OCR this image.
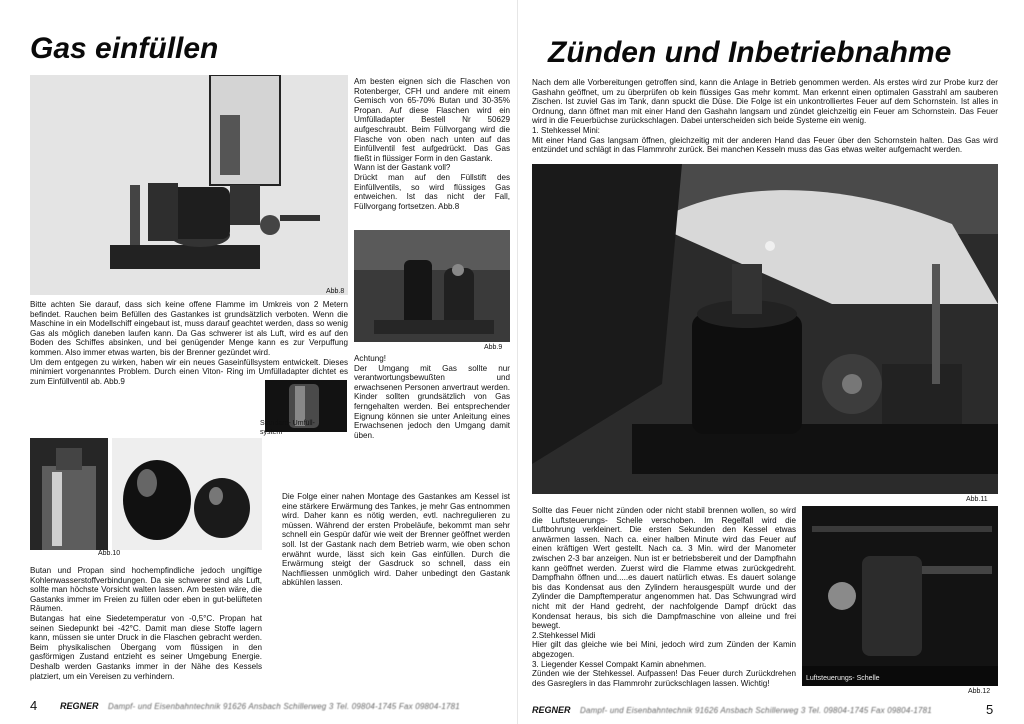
Gas einfüllen
Abb.8
Am besten eignen sich die Flaschen von Rotenberger, CFH und andere mit einem Gemisch von 65-70% Butan und 30-35% Propan. Auf diese Flaschen wird ein Umfülladapter Bestell Nr 50629 aufgeschraubt. Beim Füllvorgang wird die Flasche von oben nach unten auf das Einfüllventil fest aufgedrückt. Das Gas fließt in flüssiger Form in den Gastank.
Wann ist der Gastank voll?
Drückt man auf den Füllstift des Einfüllventils, so wird flüssiges Gas entweichen. Ist das nicht der Fall, Füllvorgang fortsetzen. Abb.8
Abb.9
Bitte achten Sie darauf, dass sich keine offene Flamme im Umkreis von 2 Metern befindet. Rauchen beim Befüllen des Gastankes ist grundsätzlich verboten. Wenn die Maschine in ein Modellschiff eingebaut ist, muss darauf geachtet werden, dass so wenig Gas als möglich daneben laufen kann. Da Gas schwerer ist als Luft, wird es auf den Boden des Schiffes absinken, und bei genügender Menge kann es zur Verpuffung kommen. Also immer etwas warten, bis der Brenner gezündet wird.
Um dem entgegen zu wirken, haben wir ein neues Gaseinfüllsystem entwickelt. Dieses minimiert vorgenanntes Problem. Durch einen Viton- Ring im Umfülladapter dichtet es zum Einfüllventil ab. Abb.9
Achtung!
Der Umgang mit Gas sollte nur verantwortungsbewußten und erwachsenen Personen anvertraut werden. Kinder sollten grundsätzlich von Gas ferngehalten werden. Bei entsprechender Eignung können sie unter Anleitung eines Erwachsenen jedoch den Umgang damit üben.
Standard- Umfüll-
system
Abb.10
Butan und Propan sind hochempfindliche jedoch ungiftige Kohlenwasserstoffverbindungen. Da sie schwerer sind als Luft, sollte man höchste Vorsicht walten lassen. Am besten wäre, die Gastanks immer im Freien zu füllen oder eben in gut-belüfteten Räumen.
Butangas hat eine Siedetemperatur von -0,5°C. Propan hat seinen Siedepunkt bei -42°C. Damit man diese Stoffe lagern kann, müssen sie unter Druck in die Flaschen gebracht werden. Beim physikalischen Übergang vom flüssigen in den gasförmigen Zustand entzieht es seiner Umgebung Energie. Deshalb werden Gastanks immer in der Nähe des Kessels platziert, um ein Vereisen zu verhindern.
Die Folge einer nahen Montage des Gastankes am Kessel ist eine stärkere Erwärmung des Tankes, je mehr Gas entnommen wird. Daher kann es nötig werden, evtl. nachregulieren zu müssen. Während der ersten Probeläufe, bekommt man sehr schnell ein Gespür dafür wie weit der Brenner geöffnet werden soll. Ist der Gastank nach dem Betrieb warm, wie oben schon erwähnt wurde, lässt sich kein Gas einfüllen. Durch die Erwärmung steigt der Gasdruck so schnell, dass ein Nachfliessen unmöglich wird. Daher unbedingt den Gastank abkühlen lassen.
4	REGNER Dampf- und Eisenbahntechnik 91626 Ansbach Schillerweg 3 Tel. 09804-1745 Fax 09804-1781
Zünden und Inbetriebnahme
Nach dem alle Vorbereitungen getroffen sind, kann die Anlage in Betrieb genommen werden. Als erstes wird zur Probe kurz der Gashahn geöffnet, um zu überprüfen ob kein flüssiges Gas mehr kommt. Man erkennt einen optimalen Gasstrahl am sauberen Zischen. Ist zuviel Gas im Tank, dann spuckt die Düse. Die Folge ist ein unkontrolliertes Feuer auf dem Schornstein. Ist alles in Ordnung, dann öffnet man mit einer Hand den Gashahn langsam und zündet gleichzeitig ein Feuer am Schornstein. Das Feuer wird in die Feuerbüchse zurückschlagen. Dabei unterscheiden sich beide Systeme ein wenig.
1. Stehkessel Mini:
Mit einer Hand Gas langsam öffnen, gleichzeitig mit der anderen Hand das Feuer über den Schornstein halten. Das Gas wird entzündet und schlägt in das Flammrohr zurück. Bei manchen Kesseln muss das Gas etwas weiter aufgemacht werden.
Abb.11
Sollte das Feuer nicht zünden oder nicht stabil brennen wollen, so wird die Luftsteuerungs- Schelle verschoben. Im Regelfall wird die Luftbohrung verkleinert. Die ersten Sekunden den Kessel etwas anwärmen lassen. Nach ca. einer halben Minute wird das Feuer auf einen kräftigen Wert gestellt. Nach ca. 3 Min. wird der Manometer zwischen 2-3 bar anzeigen. Nun ist er betriebsbereit und der Dampfhahn kann geöffnet werden. Zuerst wird die Flamme etwas zurückgedreht. Dampfhahn öffnen und.....es dauert natürlich etwas. Es dauert solange bis das Kondensat aus den Zylindern herausgespült wurde und der Zylinder die Dampftemperatur angenommen hat. Das Schwungrad wird nicht mit der Hand gedreht, der nachfolgende Dampf drückt das Kondensat heraus, bis sich die Dampfmaschine von alleine und frei bewegt.
2.Stehkessel Midi
Hier gilt das gleiche wie bei Mini, jedoch wird zum Zünden der Kamin abgezogen.
3. Liegender Kessel Compakt Kamin abnehmen.
Zünden wie der Stehkessel. Aufpassen! Das Feuer durch Zurückdrehen des Gasreglers in das Flammrohr zurückschlagen lassen. Wichtig!
Luftsteuerungs- Schelle
Abb.12
REGNER Dampf- und Eisenbahntechnik 91626 Ansbach Schillerweg 3 Tel. 09804-1745 Fax 09804-1781	5
